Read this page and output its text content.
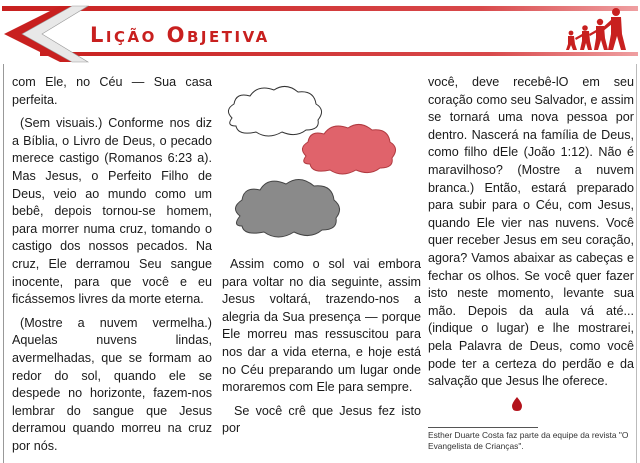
Lição Objetiva

com Ele, no Céu — Sua casa perfeita.

(Sem visuais.) Conforme nos diz a Bíblia, o Livro de Deus, o pecado merece castigo (Romanos 6:23 a). Mas Jesus, o Perfeito Filho de Deus, veio ao mundo como um bebê, depois tornou-se homem, para morrer numa cruz, tomando o castigo dos nossos pecados. Na cruz, Ele derramou Seu sangue inocente, para que você e eu ficássemos livres da morte eterna.

(Mostre a nuvem vermelha.) Aquelas nuvens lindas, avermelhadas, que se formam ao redor do sol, quando ele se despede no horizonte, fazem-nos lembrar do sangue que Jesus derramou quando morreu na cruz por nós.

Assim como o sol vai embora para voltar no dia seguinte, assim Jesus voltará, trazendo-nos a alegria da Sua presença — porque Ele morreu mas ressuscitou para nos dar a vida eterna, e hoje está no Céu preparando um lugar onde moraremos com Ele para sempre.

Se você crê que Jesus fez isto por

você, deve recebê-lO em seu coração como seu Salvador, e assim se tornará uma nova pessoa por dentro. Nascerá na família de Deus, como filho dEle (João 1:12). Não é maravilhoso? (Mostre a nuvem branca.) Então, estará preparado para subir para o Céu, com Jesus, quando Ele vier nas nuvens. Você quer receber Jesus em seu coração, agora? Vamos abaixar as cabeças e fechar os olhos. Se você quer fazer isto neste momento, levante sua mão. Depois da aula vá até... (indique o lugar) e lhe mostrarei, pela Palavra de Deus, como você pode ter a certeza do perdão e da salvação que Jesus lhe oferece.

Esther Duarte Costa faz parte da equipe da revista "O Evangelista de Crianças".
